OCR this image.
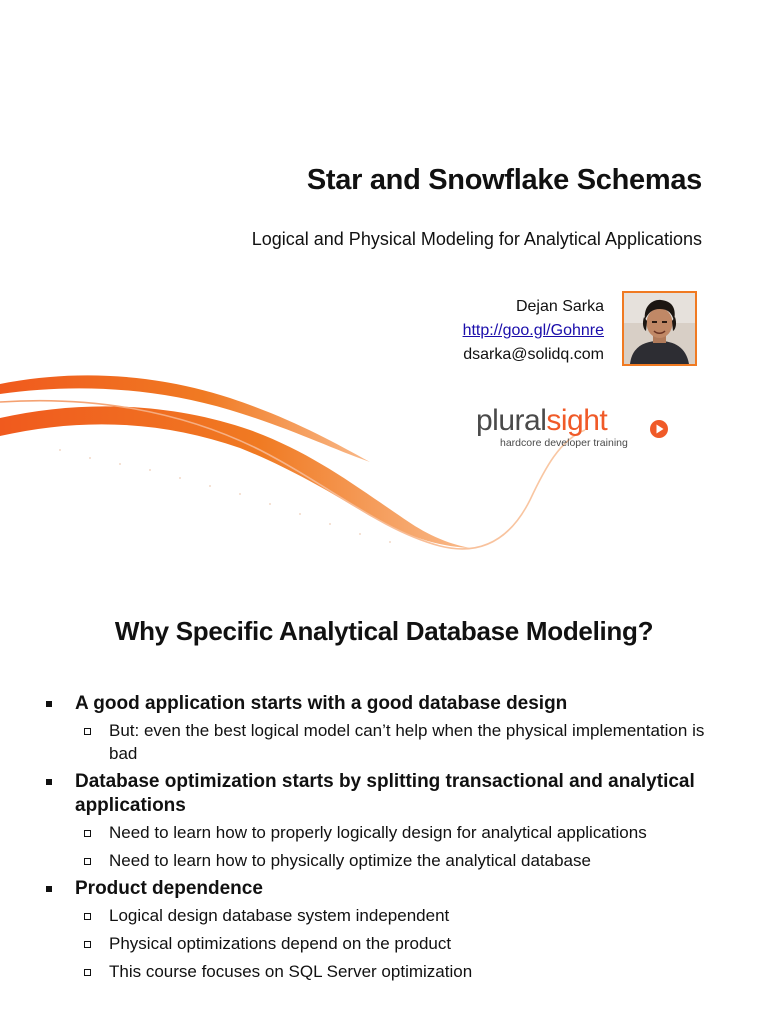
Star and Snowflake Schemas
Logical and Physical Modeling for Analytical Applications
Dejan Sarka
http://goo.gl/Gohnre
dsarka@solidq.com
pluralsight
hardcore developer training
Why Specific Analytical Database Modeling?
A good application starts with a good database design
But: even the best logical model can’t help when the physical implementation is bad
Database optimization starts by splitting transactional and analytical applications
Need to learn how to properly logically design for analytical applications
Need to learn how to physically optimize the analytical database
Product dependence
Logical design database system independent
Physical optimizations depend on the product
This course focuses on SQL Server optimization
